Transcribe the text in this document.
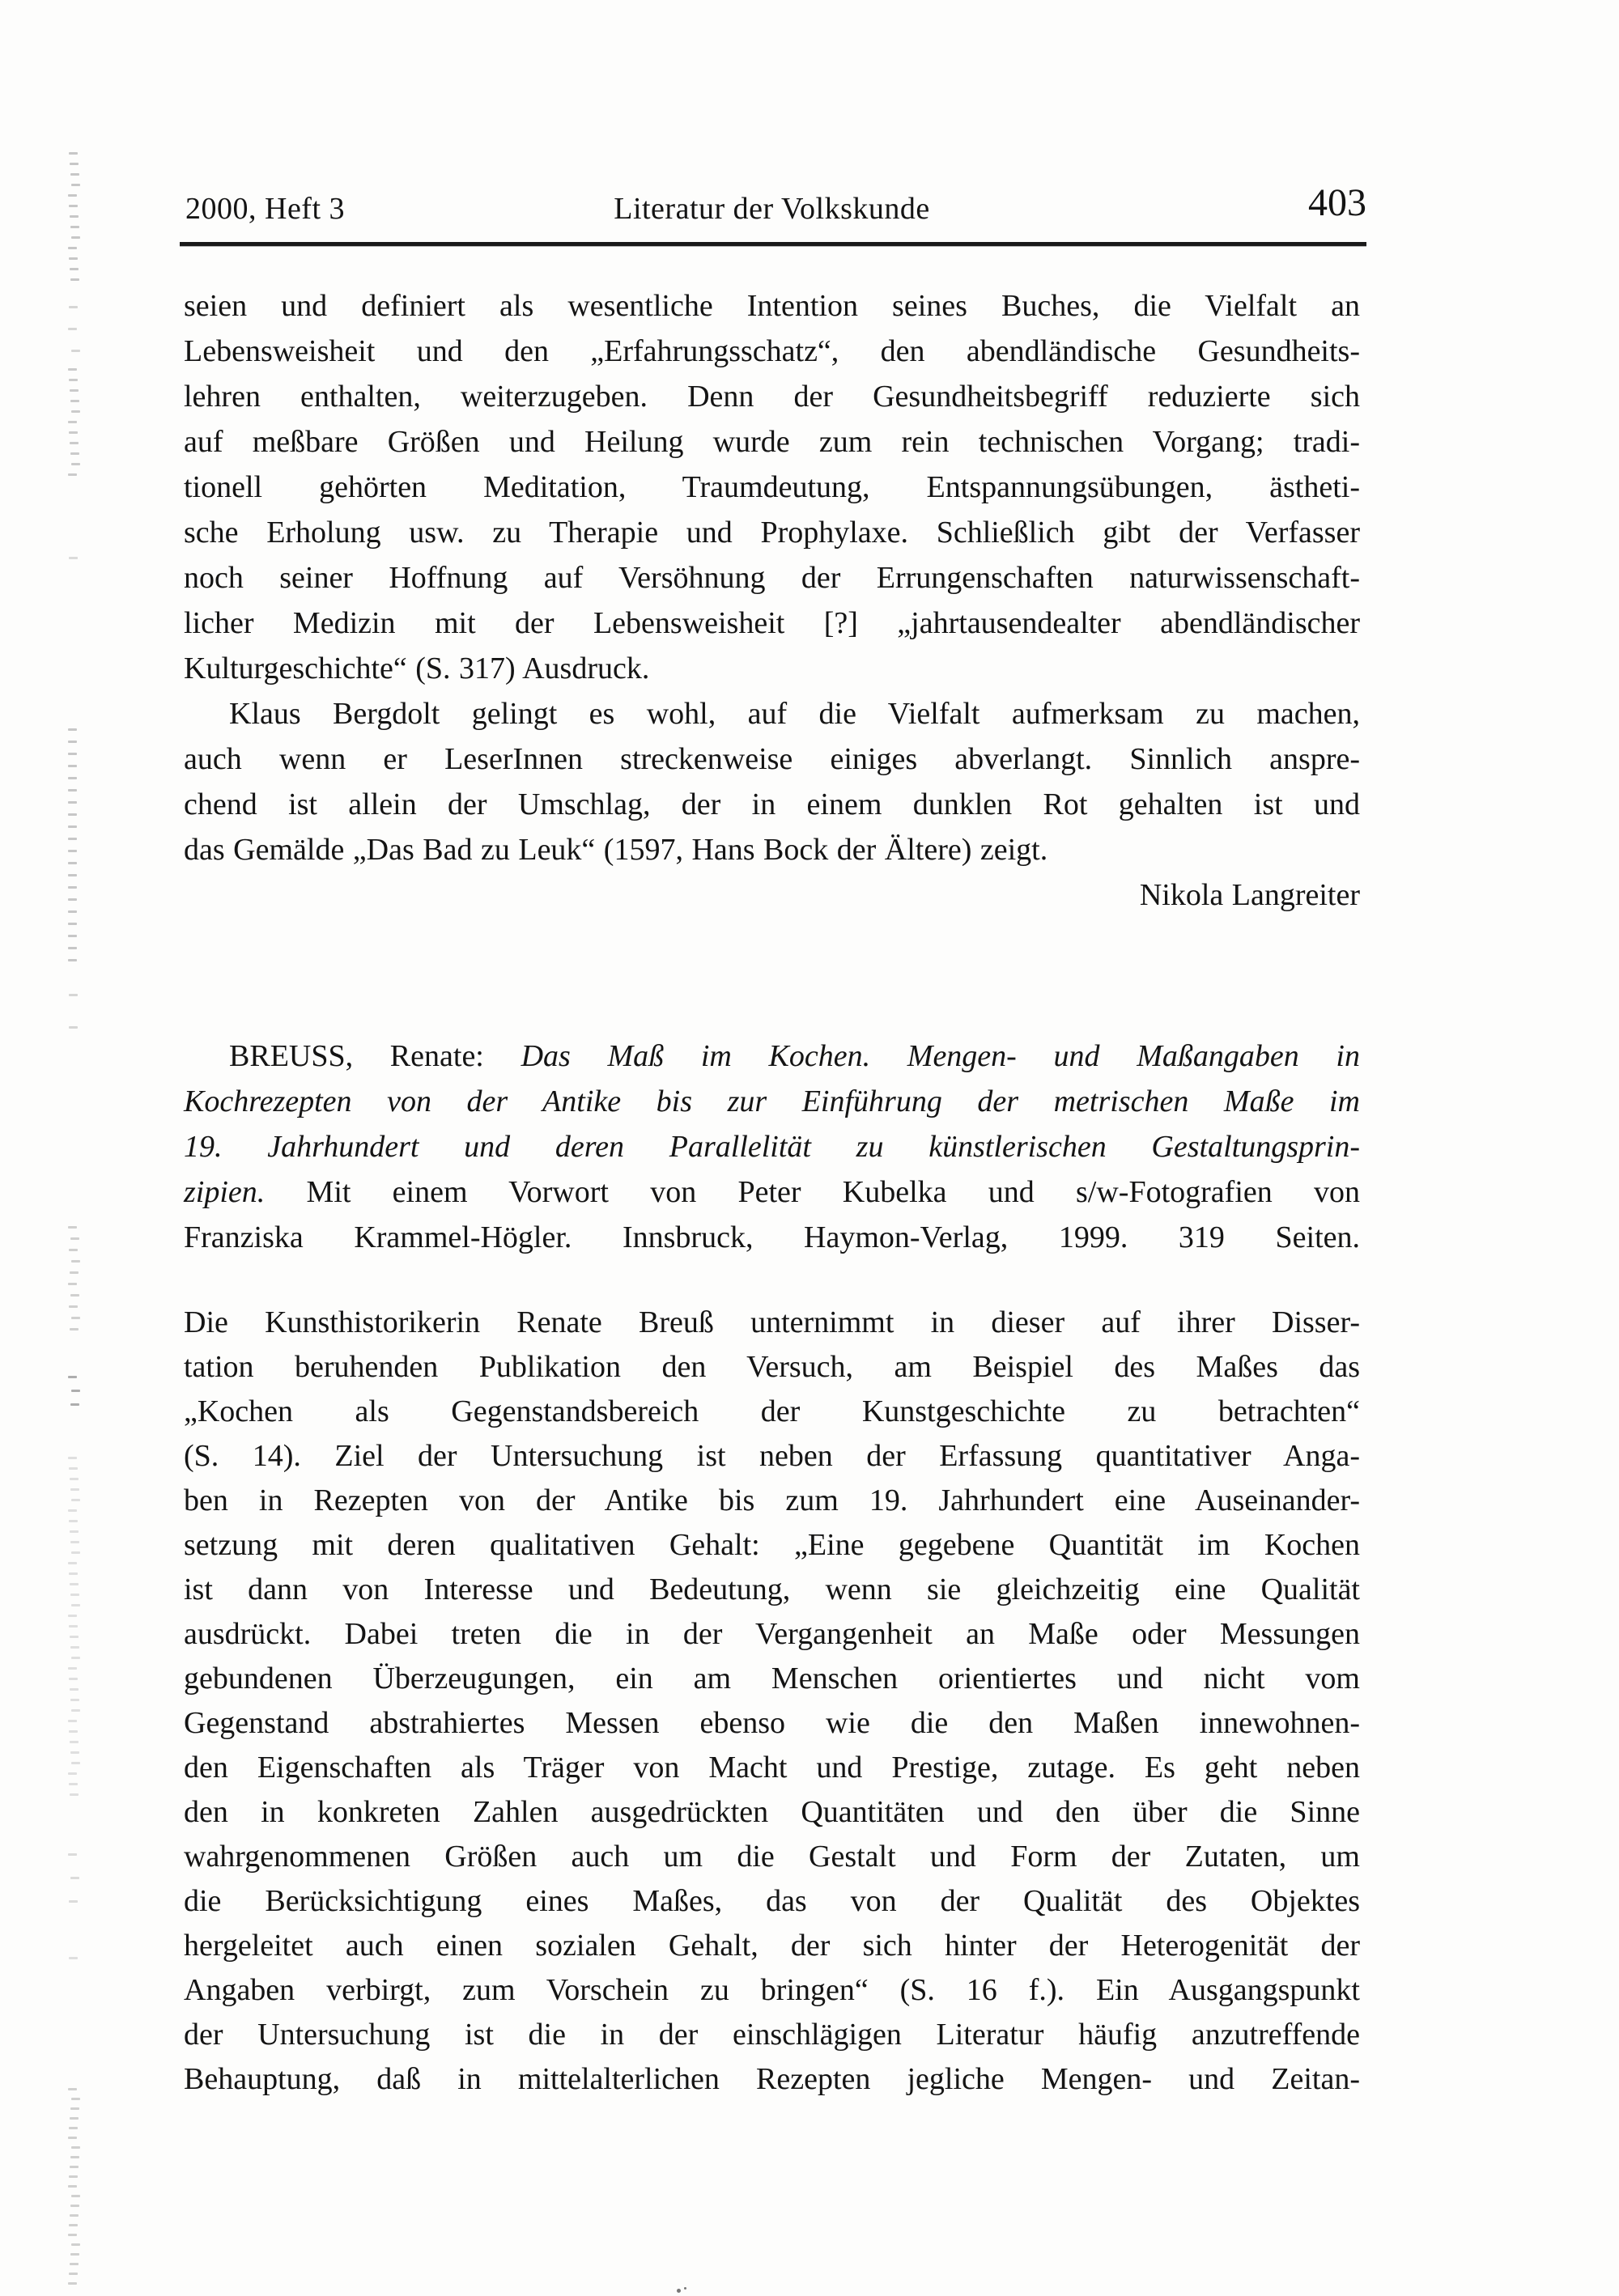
2000, Heft 3	Literatur der Volkskunde	403
seien und definiert als wesentliche Intention seines Buches, die Vielfalt an
Lebensweisheit und den „Erfahrungsschatz“, den abendländische Gesundheits-
lehren enthalten, weiterzugeben. Denn der Gesundheitsbegriff reduzierte sich
auf meßbare Größen und Heilung wurde zum rein technischen Vorgang; tradi-
tionell gehörten Meditation, Traumdeutung, Entspannungsübungen, ästheti-
sche Erholung usw. zu Therapie und Prophylaxe. Schließlich gibt der Verfasser
noch seiner Hoffnung auf Versöhnung der Errungenschaften naturwissenschaft-
licher Medizin mit der Lebensweisheit [?] „jahrtausendealter abendländischer
Kulturgeschichte“ (S. 317) Ausdruck.
Klaus Bergdolt gelingt es wohl, auf die Vielfalt aufmerksam zu machen,
auch wenn er LeserInnen streckenweise einiges abverlangt. Sinnlich anspre-
chend ist allein der Umschlag, der in einem dunklen Rot gehalten ist und
das Gemälde „Das Bad zu Leuk“ (1597, Hans Bock der Ältere) zeigt.
Nikola Langreiter
BREUSS, Renate: Das Maß im Kochen. Mengen- und Maßangaben in
Kochrezepten von der Antike bis zur Einführung der metrischen Maße im
19. Jahrhundert und deren Parallelität zu künstlerischen Gestaltungsprin-
zipien. Mit einem Vorwort von Peter Kubelka und s/w-Fotografien von
Franziska Krammel-Högler. Innsbruck, Haymon-Verlag, 1999. 319 Seiten.
Die Kunsthistorikerin Renate Breuß unternimmt in dieser auf ihrer Disser-
tation beruhenden Publikation den Versuch, am Beispiel des Maßes das
„Kochen als Gegenstandsbereich der Kunstgeschichte zu betrachten“
(S. 14). Ziel der Untersuchung ist neben der Erfassung quantitativer Anga-
ben in Rezepten von der Antike bis zum 19. Jahrhundert eine Auseinander-
setzung mit deren qualitativen Gehalt: „Eine gegebene Quantität im Kochen
ist dann von Interesse und Bedeutung, wenn sie gleichzeitig eine Qualität
ausdrückt. Dabei treten die in der Vergangenheit an Maße oder Messungen
gebundenen Überzeugungen, ein am Menschen orientiertes und nicht vom
Gegenstand abstrahiertes Messen ebenso wie die den Maßen innewohnen-
den Eigenschaften als Träger von Macht und Prestige, zutage. Es geht neben
den in konkreten Zahlen ausgedrückten Quantitäten und den über die Sinne
wahrgenommenen Größen auch um die Gestalt und Form der Zutaten, um
die Berücksichtigung eines Maßes, das von der Qualität des Objektes
hergeleitet auch einen sozialen Gehalt, der sich hinter der Heterogenität der
Angaben verbirgt, zum Vorschein zu bringen“ (S. 16 f.). Ein Ausgangspunkt
der Untersuchung ist die in der einschlägigen Literatur häufig anzutreffende
Behauptung, daß in mittelalterlichen Rezepten jegliche Mengen- und Zeitan-
